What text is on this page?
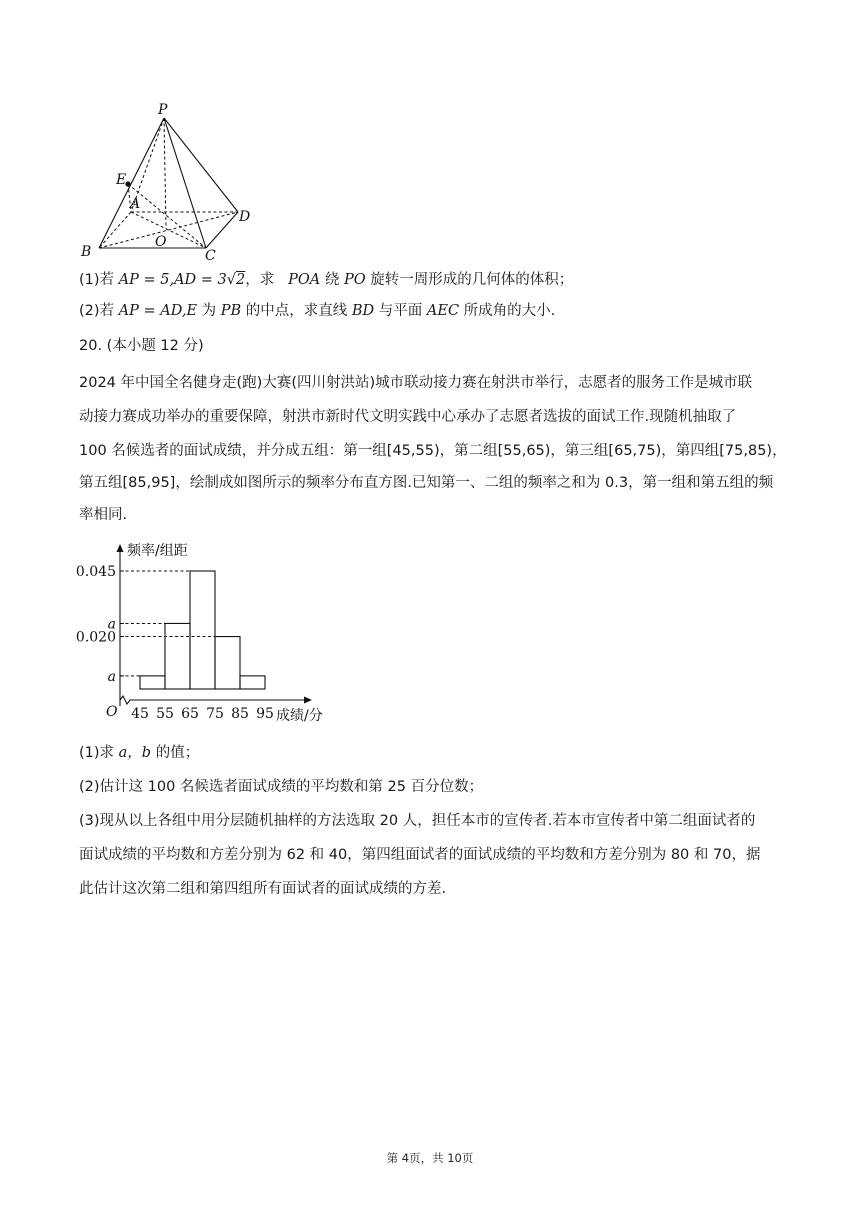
P
E
A
D
O
B	C
(1)若 AP = 5,AD = 3√2，求 POA 绕 PO 旋转一周形成的几何体的体积；
(2)若 AP = AD,E 为 PB 的中点，求直线 BD 与平面 AEC 所成角的大小.
20. (本小题 12 分)
2024 年中国全名健身走(跑)大赛(四川射洪站)城市联动接力赛在射洪市举行，志愿者的服务工作是城市联
动接力赛成功举办的重要保障，射洪市新时代文明实践中心承办了志愿者选拔的面试工作.现随机抽取了
100 名候选者的面试成绩，并分成五组：第一组[45,55)，第二组[55,65)，第三组[65,75)，第四组[75,85)，
第五组[85,95]，绘制成如图所示的频率分布直方图.已知第一、二组的频率之和为 0.3，第一组和第五组的频
率相同.
a
0.020
a
0.045
45 55 65 75 85 95
频率/组距
成绩/分
O
(1)求 a，b 的值；
(2)估计这 100 名候选者面试成绩的平均数和第 25 百分位数；
(3)现从以上各组中用分层随机抽样的方法选取 20 人，担任本市的宣传者.若本市宣传者中第二组面试者的
面试成绩的平均数和方差分别为 62 和 40，第四组面试者的面试成绩的平均数和方差分别为 80 和 70，据
此估计这次第二组和第四组所有面试者的面试成绩的方差.
第 4页，共 10页
